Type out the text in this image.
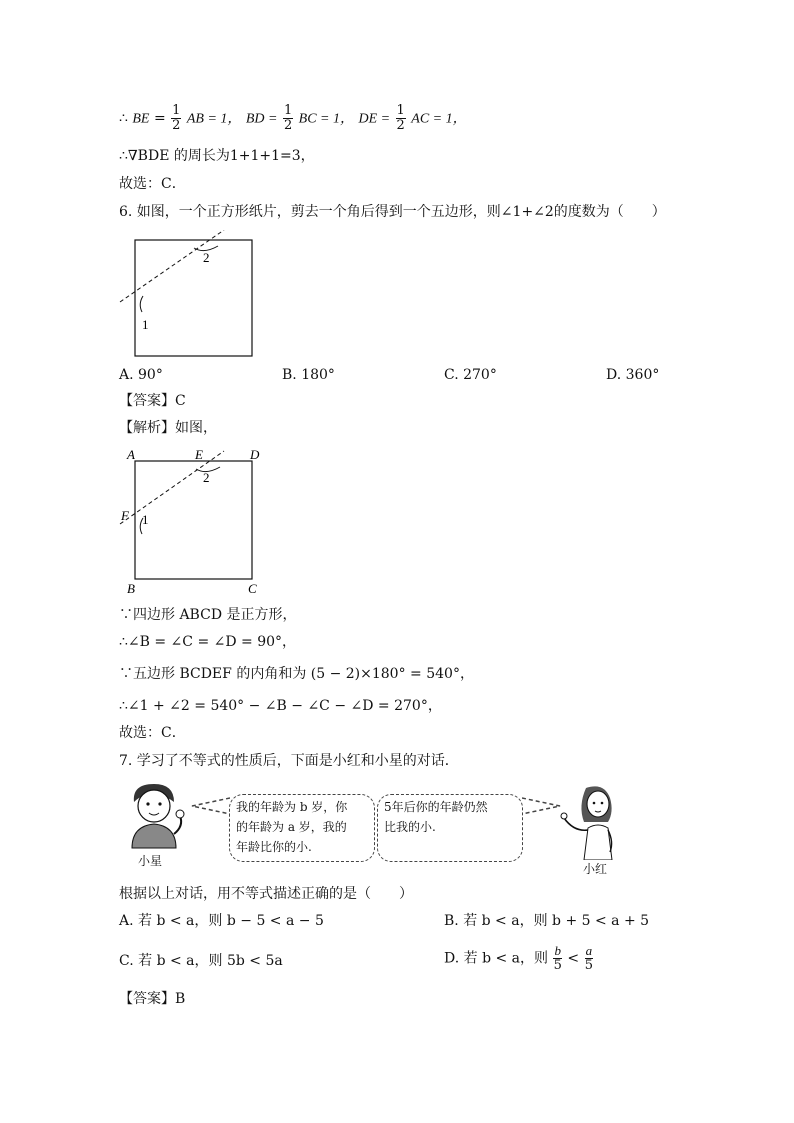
∴ BE = $\frac{1}{2}$ AB = 1， BD = $\frac{1}{2}$ BC = 1， DE = $\frac{1}{2}$ AC = 1，
∴∇BDE 的周长为1+1+1=3，
故选：C．
6. 如图，一个正方形纸片，剪去一个角后得到一个五边形，则∠1+∠2的度数为（　　）
1
2
A. 90°	B. 180°	C. 270°	D. 360°
【答案】C
【解析】如图，
A	D
E
F
B	C
1
2
∵四边形 ABCD 是正方形，
∴∠B = ∠C = ∠D = 90°，
∵五边形 BCDEF 的内角和为 (5 − 2)×180° = 540°，
∴∠1 + ∠2 = 540° − ∠B − ∠C − ∠D = 270°，
故选：C．
7. 学习了不等式的性质后，下面是小红和小星的对话．
小星
我的年龄为 b 岁，你
的年龄为 a 岁，我的
年龄比你的小.
5年后你的年龄仍然
比我的小.
小红
根据以上对话，用不等式描述正确的是（　　）
A. 若 b < a，则 b − 5 < a − 5	B. 若 b < a，则 b + 5 < a + 5
C. 若 b < a，则 5b < 5a	D. 若 b < a，则 $\frac{b}{5} < \frac{a}{5}$
【答案】B
